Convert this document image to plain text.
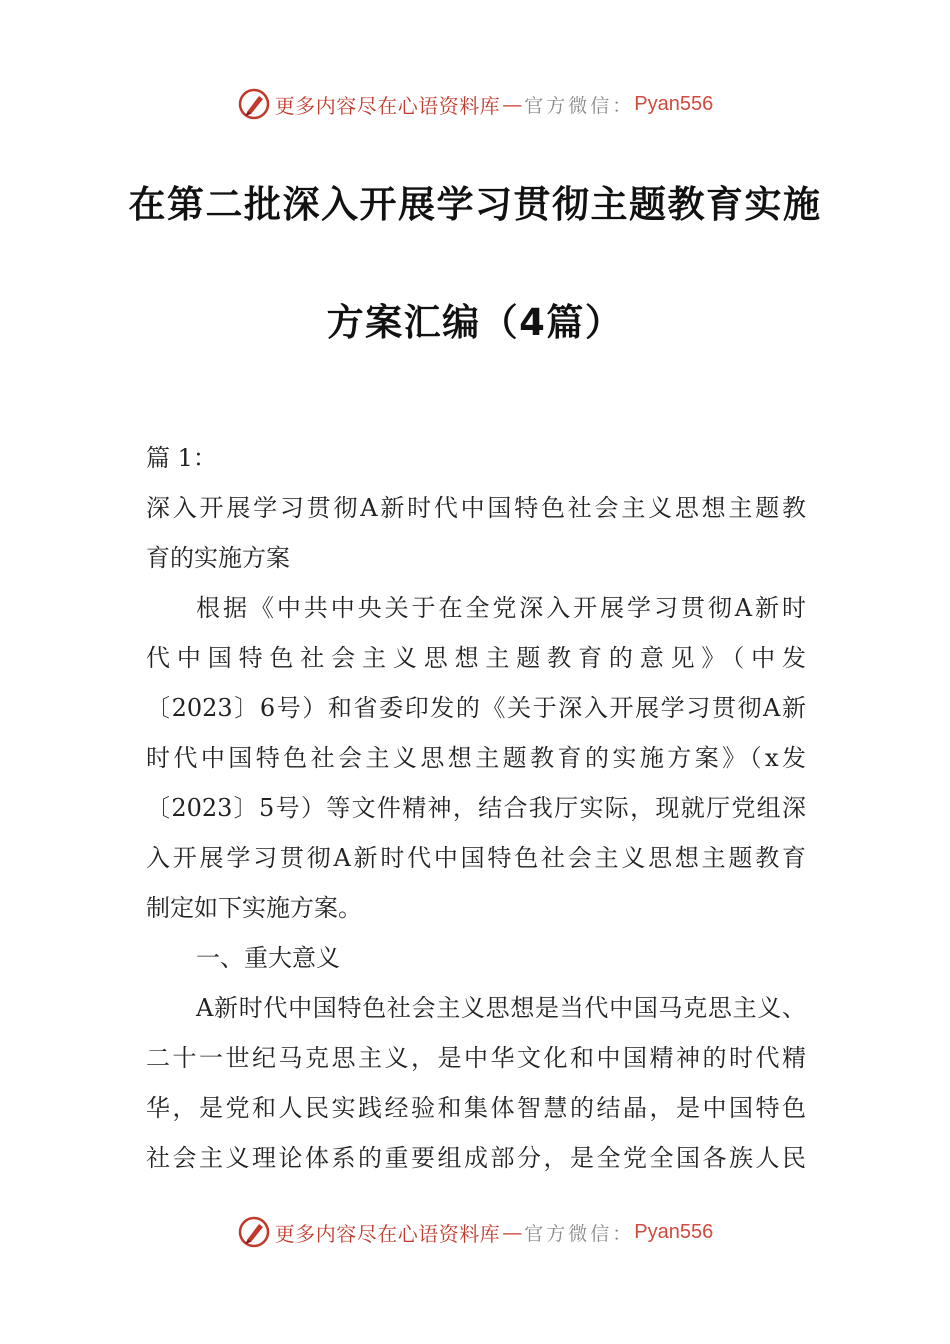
更多内容尽在心语资料库 — 官方微信： Pyan556
在第二批深入开展学习贯彻主题教育实施
方案汇编（4篇）
篇 1：
深入开展学习贯彻A新时代中国特色社会主义思想主题教
育的实施方案
根据《中共中央关于在全党深入开展学习贯彻A新时
代中国特色社会主义思想主题教育的意见》（中发
〔2023〕6号）和省委印发的《关于深入开展学习贯彻A新
时代中国特色社会主义思想主题教育的实施方案》（x发
〔2023〕5号）等文件精神，结合我厅实际，现就厅党组深
入开展学习贯彻A新时代中国特色社会主义思想主题教育
制定如下实施方案。
一、重大意义
A新时代中国特色社会主义思想是当代中国马克思主义、
二十一世纪马克思主义，是中华文化和中国精神的时代精
华，是党和人民实践经验和集体智慧的结晶，是中国特色
社会主义理论体系的重要组成部分，是全党全国各族人民
更多内容尽在心语资料库 — 官方微信： Pyan556
